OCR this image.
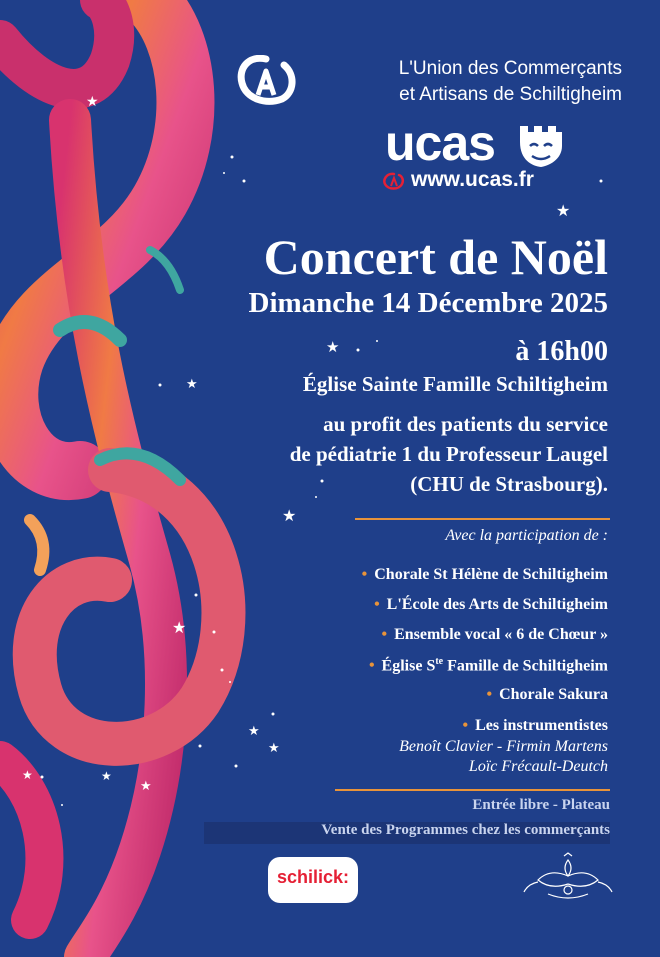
★
★
★
★
★
★
★
★
★
★
★
L'Union des Commerçants
et Artisans de Schiltigheim
ucas
www.ucas.fr
Concert de Noël
Dimanche 14 Décembre 2025
à 16h00
Église Sainte Famille Schiltigheim
au profit des patients du service
de pédiatrie 1 du Professeur Laugel
(CHU de Strasbourg).
Avec la participation de :
• Chorale St Hélène de Schiltigheim
• L'École des Arts de Schiltigheim
• Ensemble vocal « 6 de Chœur »
• Église $S^{te}$ Famille de Schiltigheim
• Chorale Sakura
• Les instrumentistes
Benoît Clavier - Firmin Martens
Loïc Frécault-Deutch
Entrée libre - Plateau
Vente des Programmes chez les commerçants
schilick:
